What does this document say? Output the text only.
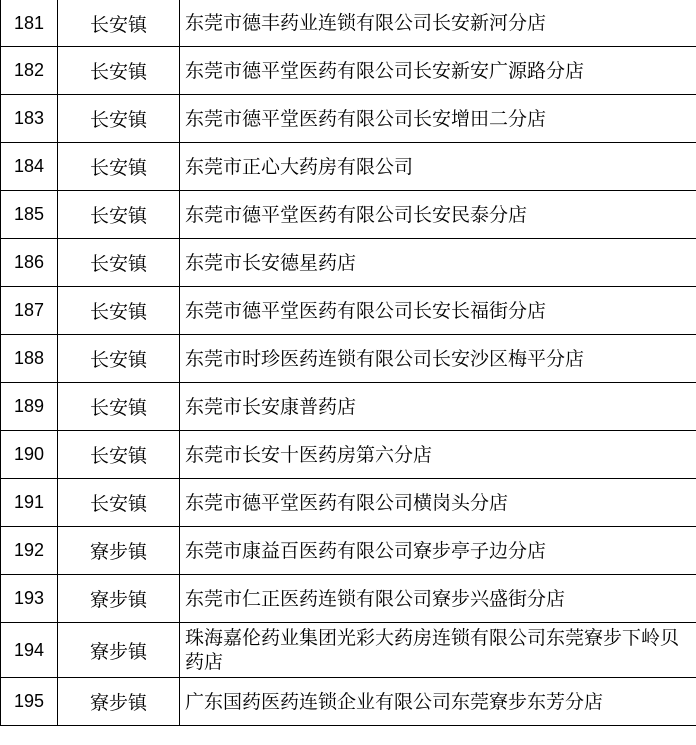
181	长安镇	东莞市德丰药业连锁有限公司长安新河分店
182	长安镇	东莞市德平堂医药有限公司长安新安广源路分店
183	长安镇	东莞市德平堂医药有限公司长安增田二分店
184	长安镇	东莞市正心大药房有限公司
185	长安镇	东莞市德平堂医药有限公司长安民泰分店
186	长安镇	东莞市长安德星药店
187	长安镇	东莞市德平堂医药有限公司长安长福街分店
188	长安镇	东莞市时珍医药连锁有限公司长安沙区梅平分店
189	长安镇	东莞市长安康普药店
190	长安镇	东莞市长安十医药房第六分店
191	长安镇	东莞市德平堂医药有限公司横岗头分店
192	寮步镇	东莞市康益百医药有限公司寮步亭子边分店
193	寮步镇	东莞市仁正医药连锁有限公司寮步兴盛街分店
194	寮步镇	珠海嘉伦药业集团光彩大药房连锁有限公司东莞寮步下岭贝药店
195	寮步镇	广东国药医药连锁企业有限公司东莞寮步东芳分店
